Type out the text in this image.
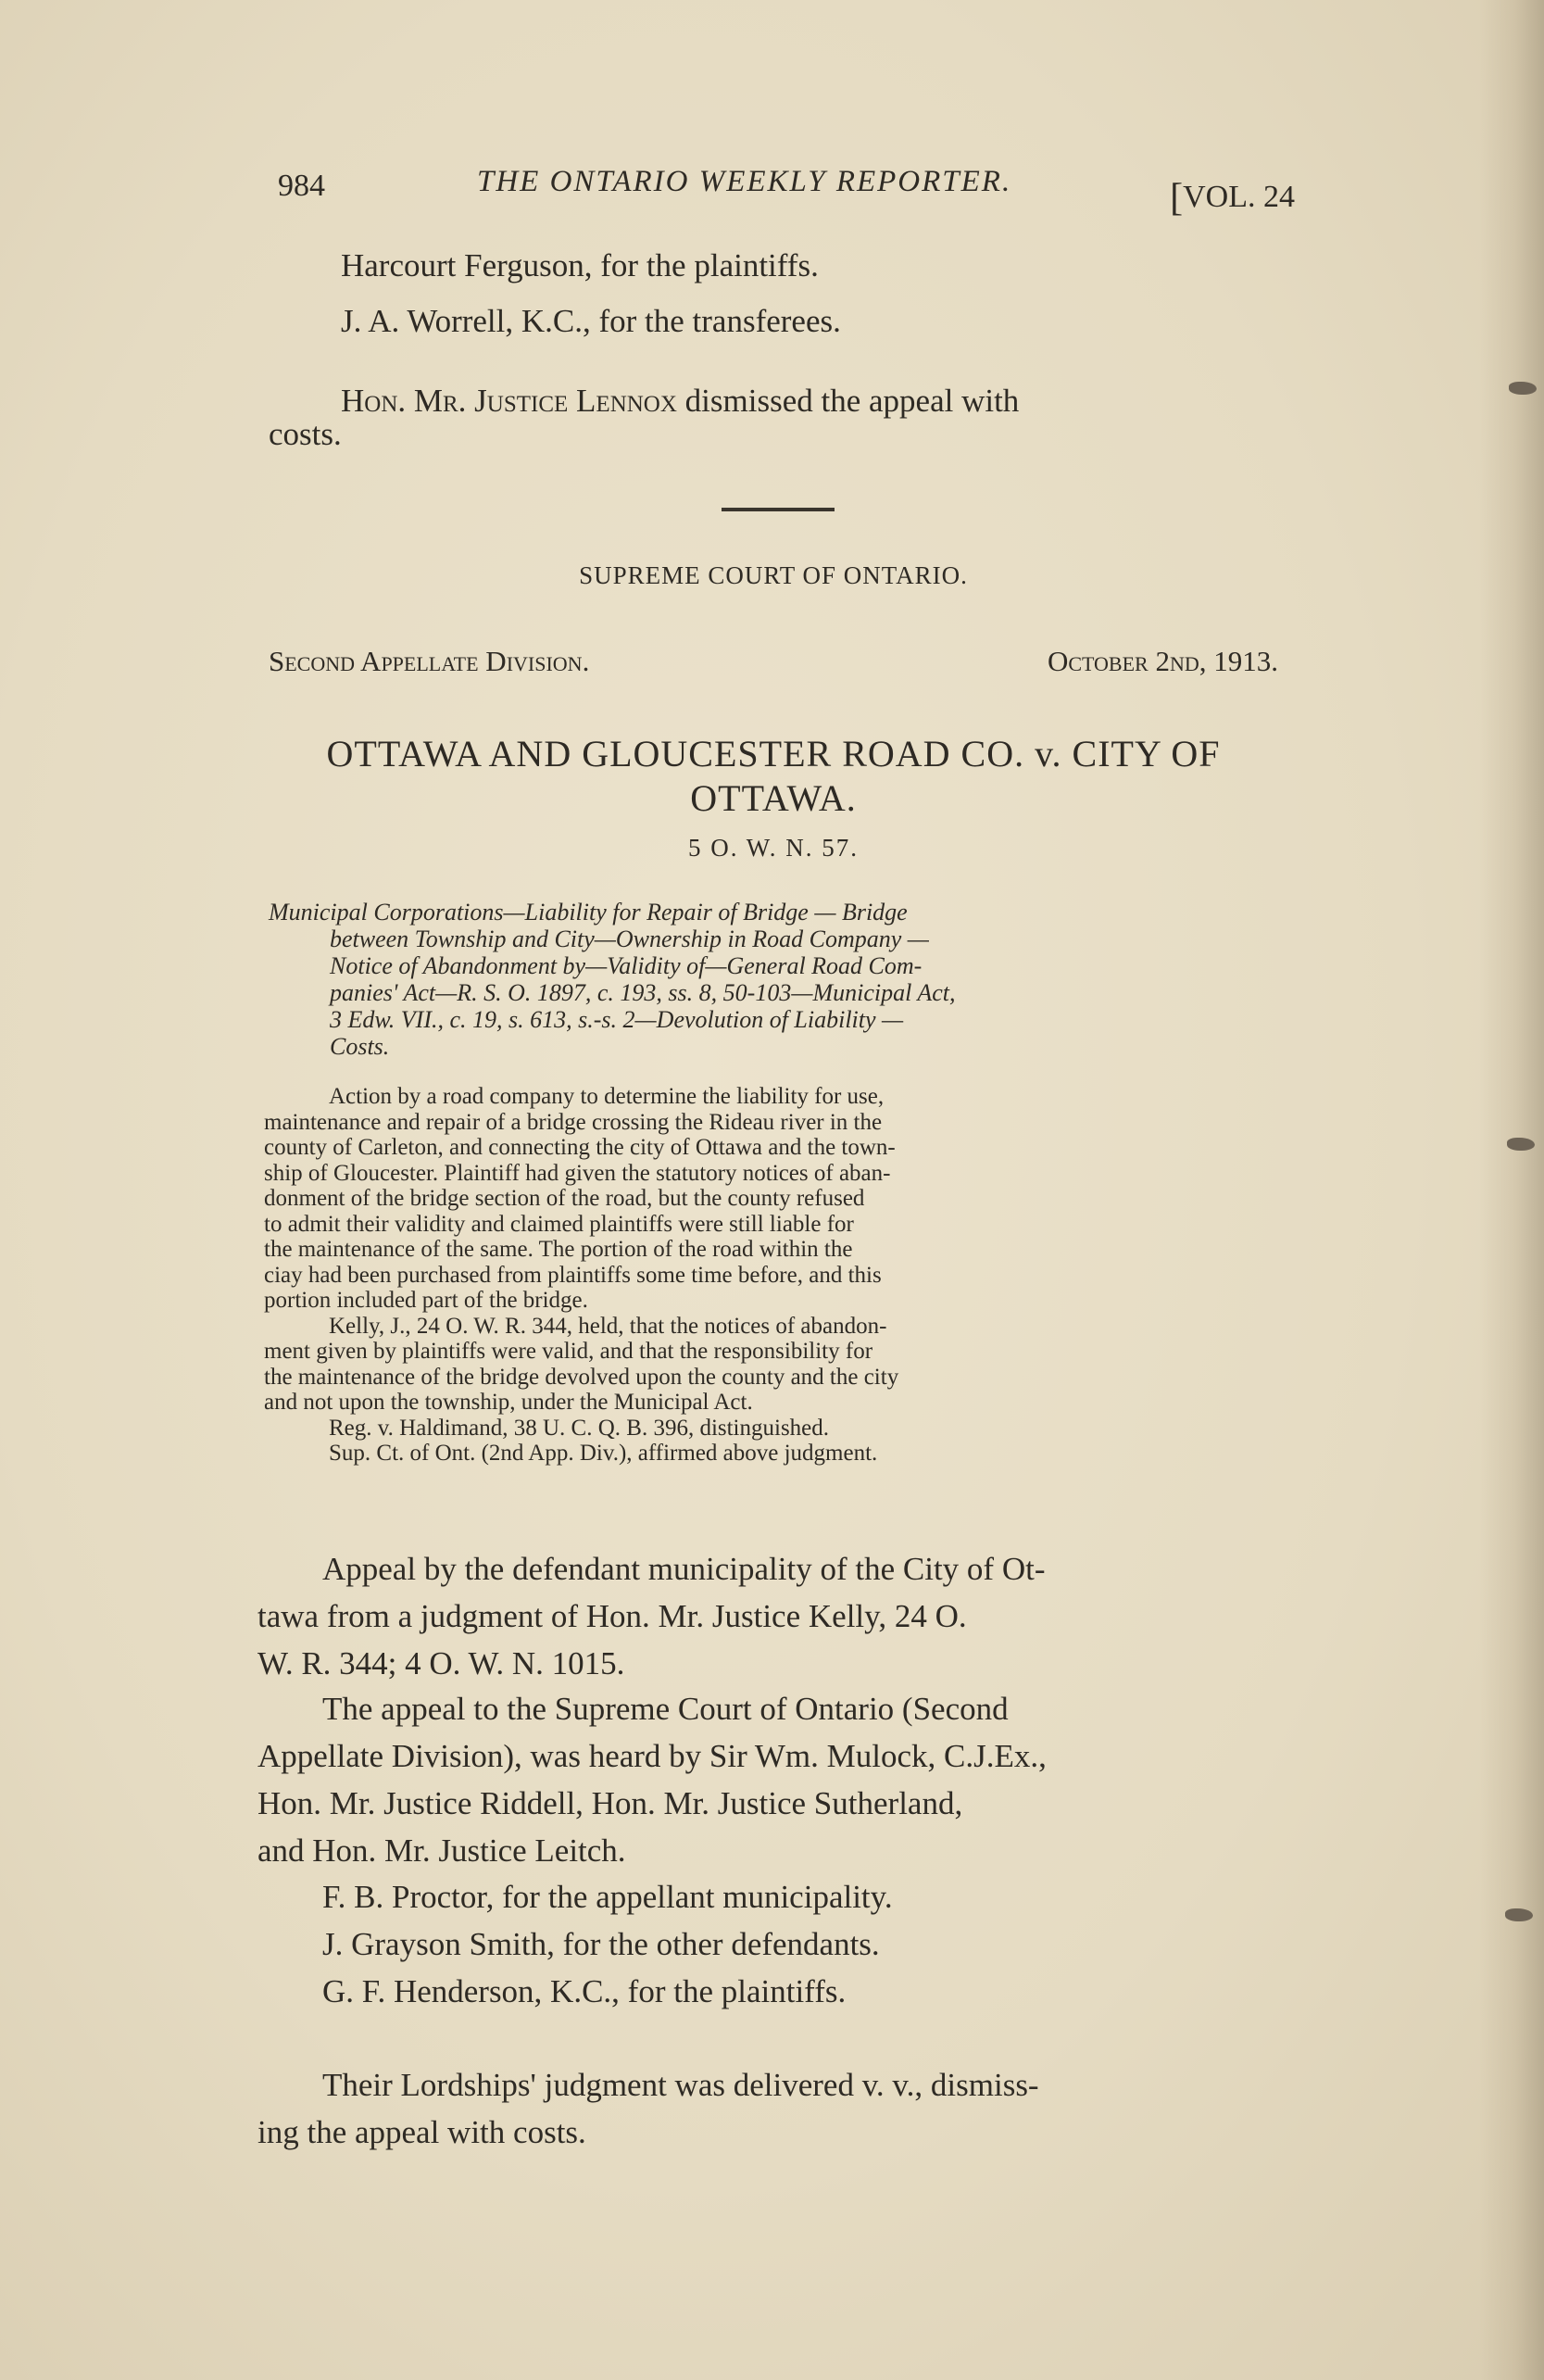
984	THE ONTARIO WEEKLY REPORTER.	[VOL. 24
Harcourt Ferguson, for the plaintiffs.
J. A. Worrell, K.C., for the transferees.
Hon. Mr. Justice Lennox dismissed the appeal with
costs.
SUPREME COURT OF ONTARIO.
Second Appellate Division.	October 2nd, 1913.
OTTAWA AND GLOUCESTER ROAD CO. v. CITY OF
OTTAWA.
5 O. W. N. 57.
Municipal Corporations—Liability for Repair of Bridge — Bridge
between Township and City—Ownership in Road Company —
Notice of Abandonment by—Validity of—General Road Com-
panies' Act—R. S. O. 1897, c. 193, ss. 8, 50-103—Municipal Act,
3 Edw. VII., c. 19, s. 613, s.-s. 2—Devolution of Liability —
Costs.

Action by a road company to determine the liability for use,

maintenance and repair of a bridge crossing the Rideau river in the

county of Carleton, and connecting the city of Ottawa and the town-

ship of Gloucester. Plaintiff had given the statutory notices of aban-

donment of the bridge section of the road, but the county refused

to admit their validity and claimed plaintiffs were still liable for

the maintenance of the same. The portion of the road within the

ciay had been purchased from plaintiffs some time before, and this

portion included part of the bridge.

Kelly, J., 24 O. W. R. 344, held, that the notices of abandon-

ment given by plaintiffs were valid, and that the responsibility for

the maintenance of the bridge devolved upon the county and the city

and not upon the township, under the Municipal Act.

Reg. v. Haldimand, 38 U. C. Q. B. 396, distinguished.

Sup. Ct. of Ont. (2nd App. Div.), affirmed above judgment.

Appeal by the defendant municipality of the City of Ot-

tawa from a judgment of Hon. Mr. Justice Kelly, 24 O.

W. R. 344; 4 O. W. N. 1015.

The appeal to the Supreme Court of Ontario (Second

Appellate Division), was heard by Sir Wm. Mulock, C.J.Ex.,

Hon. Mr. Justice Riddell, Hon. Mr. Justice Sutherland,

and Hon. Mr. Justice Leitch.

F. B. Proctor, for the appellant municipality.

J. Grayson Smith, for the other defendants.

G. F. Henderson, K.C., for the plaintiffs.

Their Lordships' judgment was delivered v. v., dismiss-

ing the appeal with costs.
